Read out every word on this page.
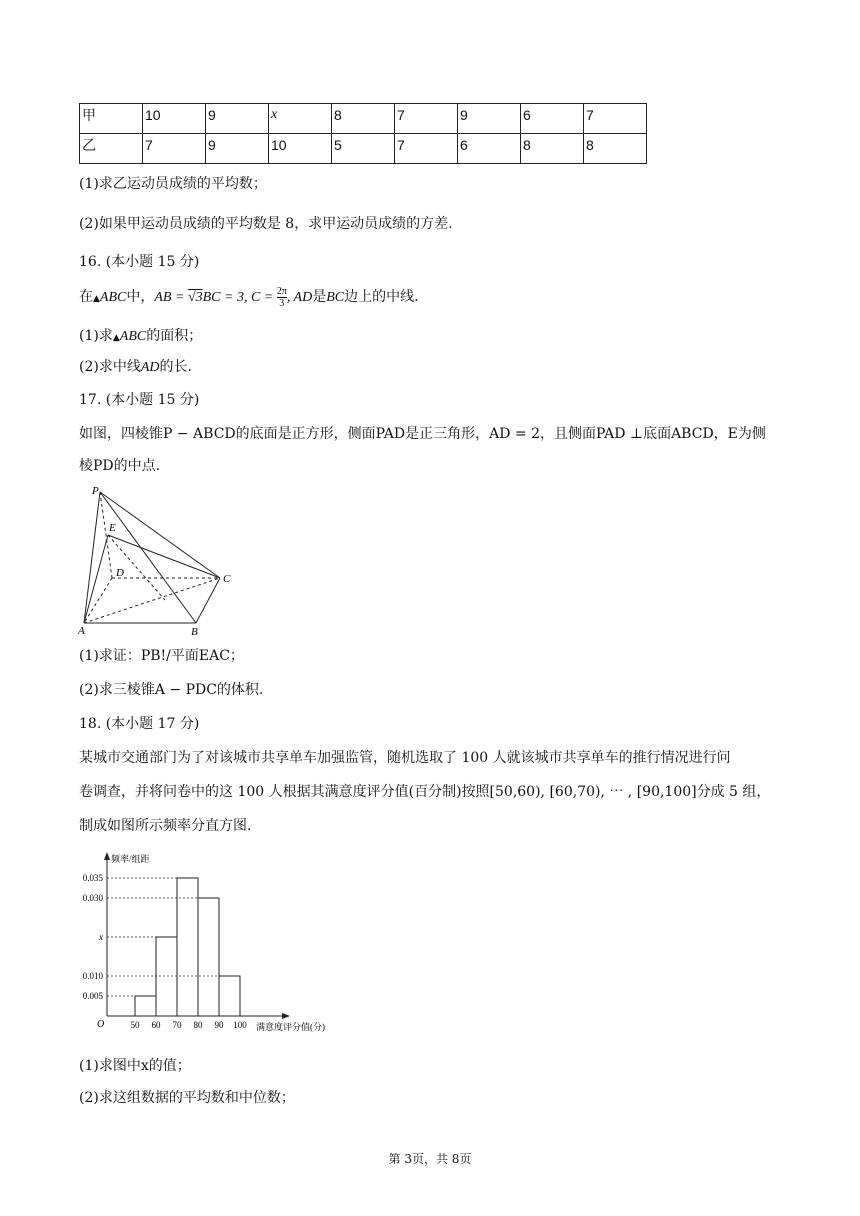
甲	10	9	x	8	7	9	6	7
乙	7	9	10	5	7	6	8	8
(1)求乙运动员成绩的平均数；
(2)如果甲运动员成绩的平均数是 8，求甲运动员成绩的方差.
16. (本小题 15 分)
在▲ABC中，AB = √3BC = 3, $C = \frac{2\pi}{3}$ , AD是BC边上的中线.
(1)求▲ABC的面积；
(2)求中线AD的长.
17. (本小题 15 分)
如图，四棱锥P − ABCD的底面是正方形，侧面PAD是正三角形，AD = 2，且侧面PAD ⊥底面ABCD，E为侧
棱PD的中点.
P
E
D	C
A	B
(1)求证：PB!/平面EAC；
(2)求三棱锥A − PDC的体积.
18. (本小题 17 分)
某城市交通部门为了对该城市共享单车加强监管，随机选取了 100 人就该城市共享单车的推行情况进行问
卷调查，并将问卷中的这 100 人根据其满意度评分值(百分制)按照[50,60), [60,70), ⋯ , [90,100]分成 5 组，
制成如图所示频率分直方图.
0.035
0.030
x
0.010
0.005
50 60 70 80 90 100
O
频率/组距
满意度评分值(分)
(1)求图中x的值；
(2)求这组数据的平均数和中位数；
第 3页，共 8页
